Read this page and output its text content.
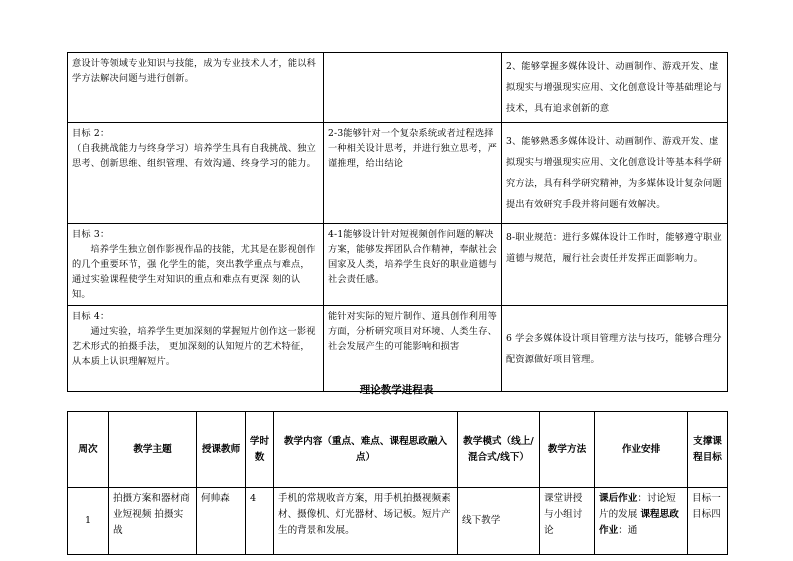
意设计等领域专业知识与技能，成为专业技术人才，能以科学方法解决问题与进行创新。		2、能够掌握多媒体设计、动画制作、游戏开发、虚拟现实与增强现实应用、文化创意设计等基础理论与技术，具有追求创新的意

目标 2：
（自我挑战能力与终身学习）培养学生具有自我挑战、独立思考、创新思维、组织管理、有效沟通、终身学习的能力。	2-3能够针对一个复杂系统或者过程选择一种相关设计思考，并进行独立思考，严谨推理，给出结论	3、能够熟悉多媒体设计、动画制作、游戏开发、虚拟现实与增强现实应用、文化创意设计等基本科学研究方法，具有科学研究精神，为多媒体设计复杂问题提出有效研究手段并将问题有效解决。

目标 3：
培养学生独立创作影视作品的技能，尤其是在影视创作的几个重要环节，强 化学生的能，突出教学重点与难点，通过实验课程使学生对知识的重点和难点有更深 刻的认知。	4-1能够设计针对短视频创作问题的解决方案，能够发挥团队合作精神，奉献社会国家及人类，培养学生良好的职业道德与社会责任感。	8-职业规范：进行多媒体设计工作时，能够遵守职业道德与规范，履行社会责任并发挥正面影响力。

目标 4：
通过实验，培养学生更加深刻的掌握短片创作这一影视艺术形式的拍摄手法， 更加深刻的认知短片的艺术特征，从本质上认识理解短片。	能针对实际的短片制作、道具创作利用等方面，分析研究项目对环境、人类生存、社会发展产生的可能影响和损害	6 学会多媒体设计项目管理方法与技巧，能够合理分配资源做好项目管理。
理论教学进程表
周次	教学主题	授课教师	学时数	教学内容（重点、难点、课程思政融入点）	教学模式（线上/混合式/线下）	教学方法	作业安排	支撑课程目标
1	拍摄方案和器材商业短视频 拍摄实战	何帅森	4	手机的常规收音方案，用手机拍摄视频素材、摄像机、灯光器材、场记板。短片产生的背景和发展。	线下教学	课堂讲授与小组讨论	课后作业：讨论短片的发展 课程思政作业：通	目标一目标四
